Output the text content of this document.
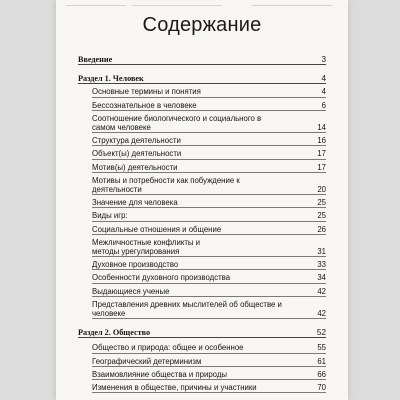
Содержание
Введение	3
Раздел 1. Человек	4
Основные термины и понятия	4
Бессознательное в человеке	6
Соотношение биологического и социального в самом человеке	14
Структура деятельности	16
Объект(ы) деятельности	17
Мотив(ы) деятельности	17
Мотивы и потребности как побуждение к деятельности	20
Значение для человека	25
Виды игр:	25
Социальные отношения и общение	26
Межличностные конфликты и методы урегулирования	31
Духовное производство	33
Особенности духовного производства	34
Выдающиеся ученые	42
Представления древних мыслителей об обществе и человеке	42
Раздел 2. Общество	52
Общество и природа: общее и особенное	55
Географический детерминизм	61
Взаимовлияние общества и природы	66
Изменения в обществе, причины и участники	70
